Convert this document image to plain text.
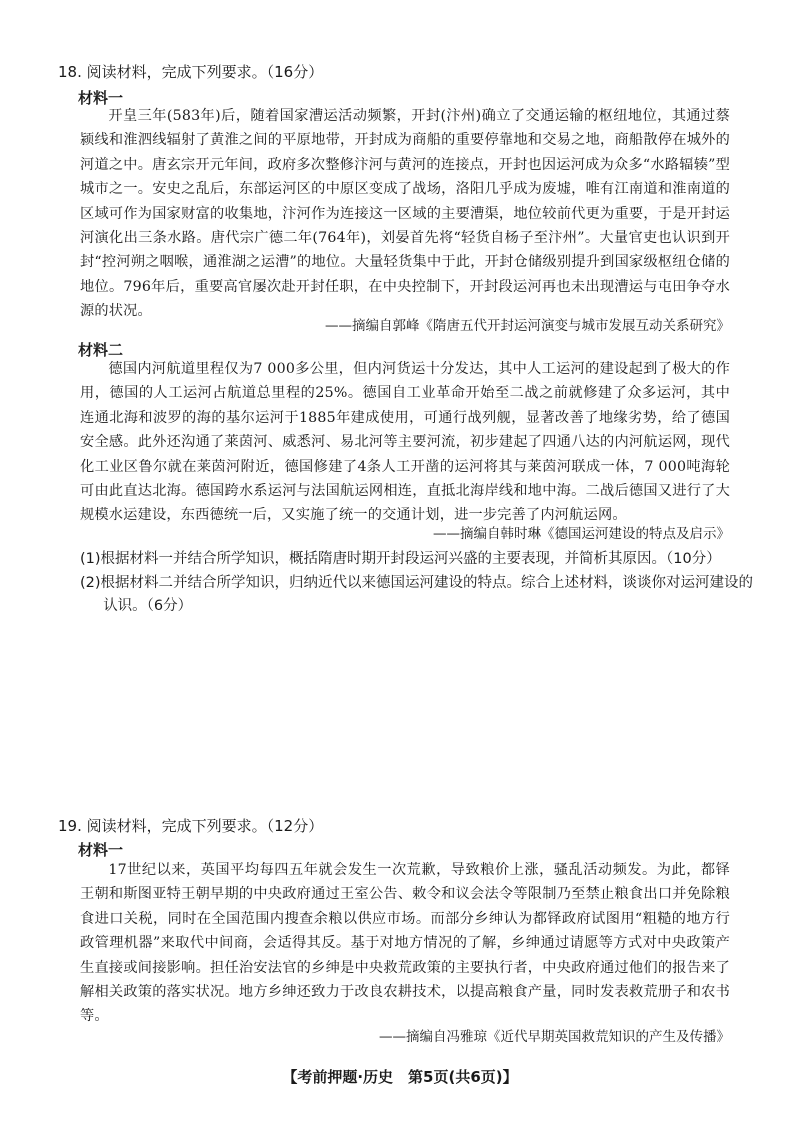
18. 阅读材料，完成下列要求。（16分）
材料一
开皇三年(583年)后，随着国家漕运活动频繁，开封(汴州)确立了交通运输的枢纽地位，其通过蔡颍线和淮泗线辐射了黄淮之间的平原地带，开封成为商船的重要停靠地和交易之地，商船散停在城外的河道之中。唐玄宗开元年间，政府多次整修汴河与黄河的连接点，开封也因运河成为众多“水路辐辏”型城市之一。安史之乱后，东部运河区的中原区变成了战场，洛阳几乎成为废墟，唯有江南道和淮南道的区域可作为国家财富的收集地，汴河作为连接这一区域的主要漕渠，地位较前代更为重要，于是开封运河演化出三条水路。唐代宗广德二年(764年)，刘晏首先将“轻货自杨子至汴州”。大量官吏也认识到开封“控河朔之咽喉，通淮湖之运漕”的地位。大量轻货集中于此，开封仓储级别提升到国家级枢纽仓储的地位。796年后，重要高官屡次赴开封任职，在中央控制下，开封段运河再也未出现漕运与屯田争夺水源的状况。
——摘编自郭峰《隋唐五代开封运河演变与城市发展互动关系研究》
材料二
德国内河航道里程仅为7 000多公里，但内河货运十分发达，其中人工运河的建设起到了极大的作用，德国的人工运河占航道总里程的25%。德国自工业革命开始至二战之前就修建了众多运河，其中连通北海和波罗的海的基尔运河于1885年建成使用，可通行战列舰，显著改善了地缘劣势，给了德国安全感。此外还沟通了莱茵河、威悉河、易北河等主要河流，初步建起了四通八达的内河航运网，现代化工业区鲁尔就在莱茵河附近，德国修建了4条人工开凿的运河将其与莱茵河联成一体，7 000吨海轮可由此直达北海。德国跨水系运河与法国航运网相连，直抵北海岸线和地中海。二战后德国又进行了大规模水运建设，东西德统一后，又实施了统一的交通计划，进一步完善了内河航运网。
——摘编自韩时琳《德国运河建设的特点及启示》
(1)根据材料一并结合所学知识，概括隋唐时期开封段运河兴盛的主要表现，并简析其原因。（10分）
(2)根据材料二并结合所学知识，归纳近代以来德国运河建设的特点。综合上述材料，谈谈你对运河建设的认识。（6分）
19. 阅读材料，完成下列要求。（12分）
材料一
17世纪以来，英国平均每四五年就会发生一次荒歉，导致粮价上涨，骚乱活动频发。为此，都铎王朝和斯图亚特王朝早期的中央政府通过王室公告、敕令和议会法令等限制乃至禁止粮食出口并免除粮食进口关税，同时在全国范围内搜查余粮以供应市场。而部分乡绅认为都铎政府试图用“粗糙的地方行政管理机器”来取代中间商，会适得其反。基于对地方情况的了解，乡绅通过请愿等方式对中央政策产生直接或间接影响。担任治安法官的乡绅是中央救荒政策的主要执行者，中央政府通过他们的报告来了解相关政策的落实状况。地方乡绅还致力于改良农耕技术，以提高粮食产量，同时发表救荒册子和农书等。
——摘编自冯雅琼《近代早期英国救荒知识的产生及传播》
【考前押题·历史　第5页(共6页)】
